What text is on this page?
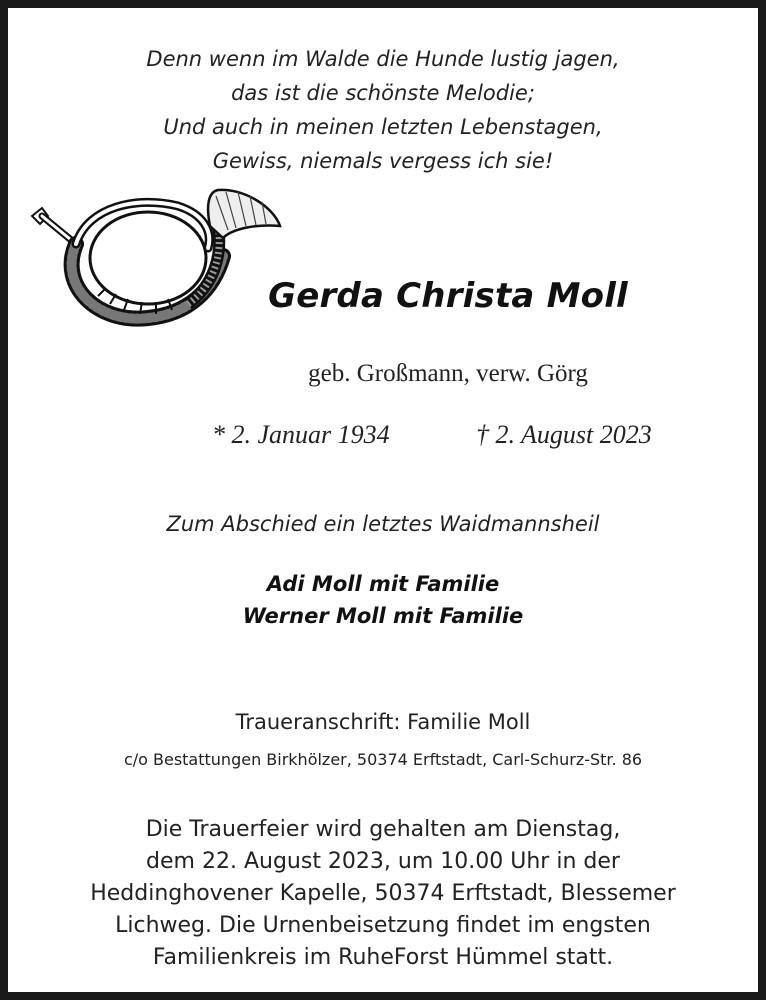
Denn wenn im Walde die Hunde lustig jagen,
das ist die schönste Melodie;
Und auch in meinen letzten Lebenstagen,
Gewiss, niemals vergess ich sie!
Gerda Christa Moll
geb. Großmann, verw. Görg
* 2. Januar 1934	† 2. August 2023
Zum Abschied ein letztes Waidmannsheil
Adi Moll mit Familie
Werner Moll mit Familie
Traueranschrift: Familie Moll
c/o Bestattungen Birkhölzer, 50374 Erftstadt, Carl-Schurz-Str. 86
Die Trauerfeier wird gehalten am Dienstag,
dem 22. August 2023, um 10.00 Uhr in der
Heddinghovener Kapelle, 50374 Erftstadt, Blessemer
Lichweg. Die Urnenbeisetzung findet im engsten
Familienkreis im RuheForst Hümmel statt.
